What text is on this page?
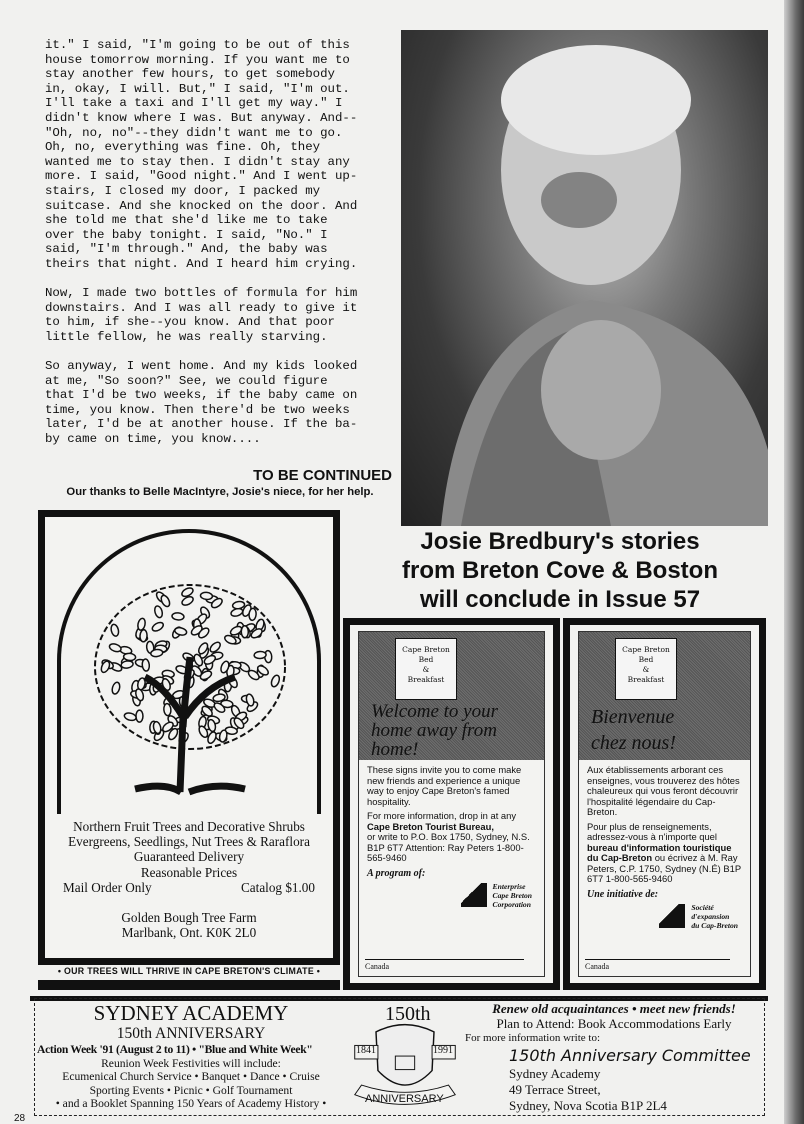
it." I said, "I'm going to be out of this
house tomorrow morning. If you want me to
stay another few hours, to get somebody
in, okay, I will. But," I said, "I'm out.
I'll take a taxi and I'll get my way." I
didn't know where I was. But anyway. And--
"Oh, no, no"--they didn't want me to go.
Oh, no, everything was fine. Oh, they
wanted me to stay then. I didn't stay any
more. I said, "Good night." And I went up-
stairs, I closed my door, I packed my
suitcase. And she knocked on the door. And
she told me that she'd like me to take
over the baby tonight. I said, "No." I
said, "I'm through." And, the baby was
theirs that night. And I heard him crying.

Now, I made two bottles of formula for him
downstairs. And I was all ready to give it
to him, if she--you know. And that poor
little fellow, he was really starving.

So anyway, I went home. And my kids looked
at me, "So soon?" See, we could figure
that I'd be two weeks, if the baby came on
time, you know. Then there'd be two weeks
later, I'd be at another house. If the ba-
by came on time, you know....

TO BE CONTINUED
Our thanks to Belle MacIntyre, Josie's niece, for her help.
Josie Bredbury's stories
from Breton Cove & Boston
will conclude in Issue 57
Northern Fruit Trees and Decorative Shrubs
Evergreens, Seedlings, Nut Trees & Raraflora
Guaranteed Delivery
Reasonable Prices
Mail Order Only	Catalog $1.00
Golden Bough Tree Farm
Marlbank, Ont. K0K 2L0
• OUR TREES WILL THRIVE IN CAPE BRETON'S CLIMATE •
Cape Breton
Bed
&
Breakfast
Welcome to your
home away from
home!

These signs invite you to come make new friends and experience a unique way to enjoy Cape Breton's famed hospitality.

For more information, drop in at any Cape Breton Tourist Bureau,
or write to P.O. Box 1750, Sydney, N.S. B1P 6T7 Attention: Ray Peters 1-800-565-9460

A program of:
Enterprise
Cape Breton
Corporation
Canada
Cape Breton
Bed
&
Breakfast
Bienvenue
chez nous!

Aux établissements arborant ces enseignes, vous trouverez des hôtes chaleureux qui vous feront découvrir l'hospitalité légendaire du Cap-Breton.

Pour plus de renseignements, adressez-vous à n'importe quel bureau d'information touristique du Cap-Breton ou écrivez à M. Ray Peters, C.P. 1750, Sydney (N.É) B1P 6T7 1-800-565-9460

Une initiative de:
Société
d'expansion
du Cap-Breton
Canada
SYDNEY ACADEMY
150th ANNIVERSARY
Action Week '91 (August 2 to 11) • "Blue and White Week"
Reunion Week Festivities will include:
Ecumenical Church Service • Banquet • Dance • Cruise
Sporting Events • Picnic • Golf Tournament
• and a Booklet Spanning 150 Years of Academy History •
150th
1841	1991
ANNIVERSARY
Renew old acquaintances • meet new friends!
Plan to Attend: Book Accommodations Early
For more information write to:
150th Anniversary Committee
Sydney Academy
49 Terrace Street,
Sydney, Nova Scotia B1P 2L4
28
